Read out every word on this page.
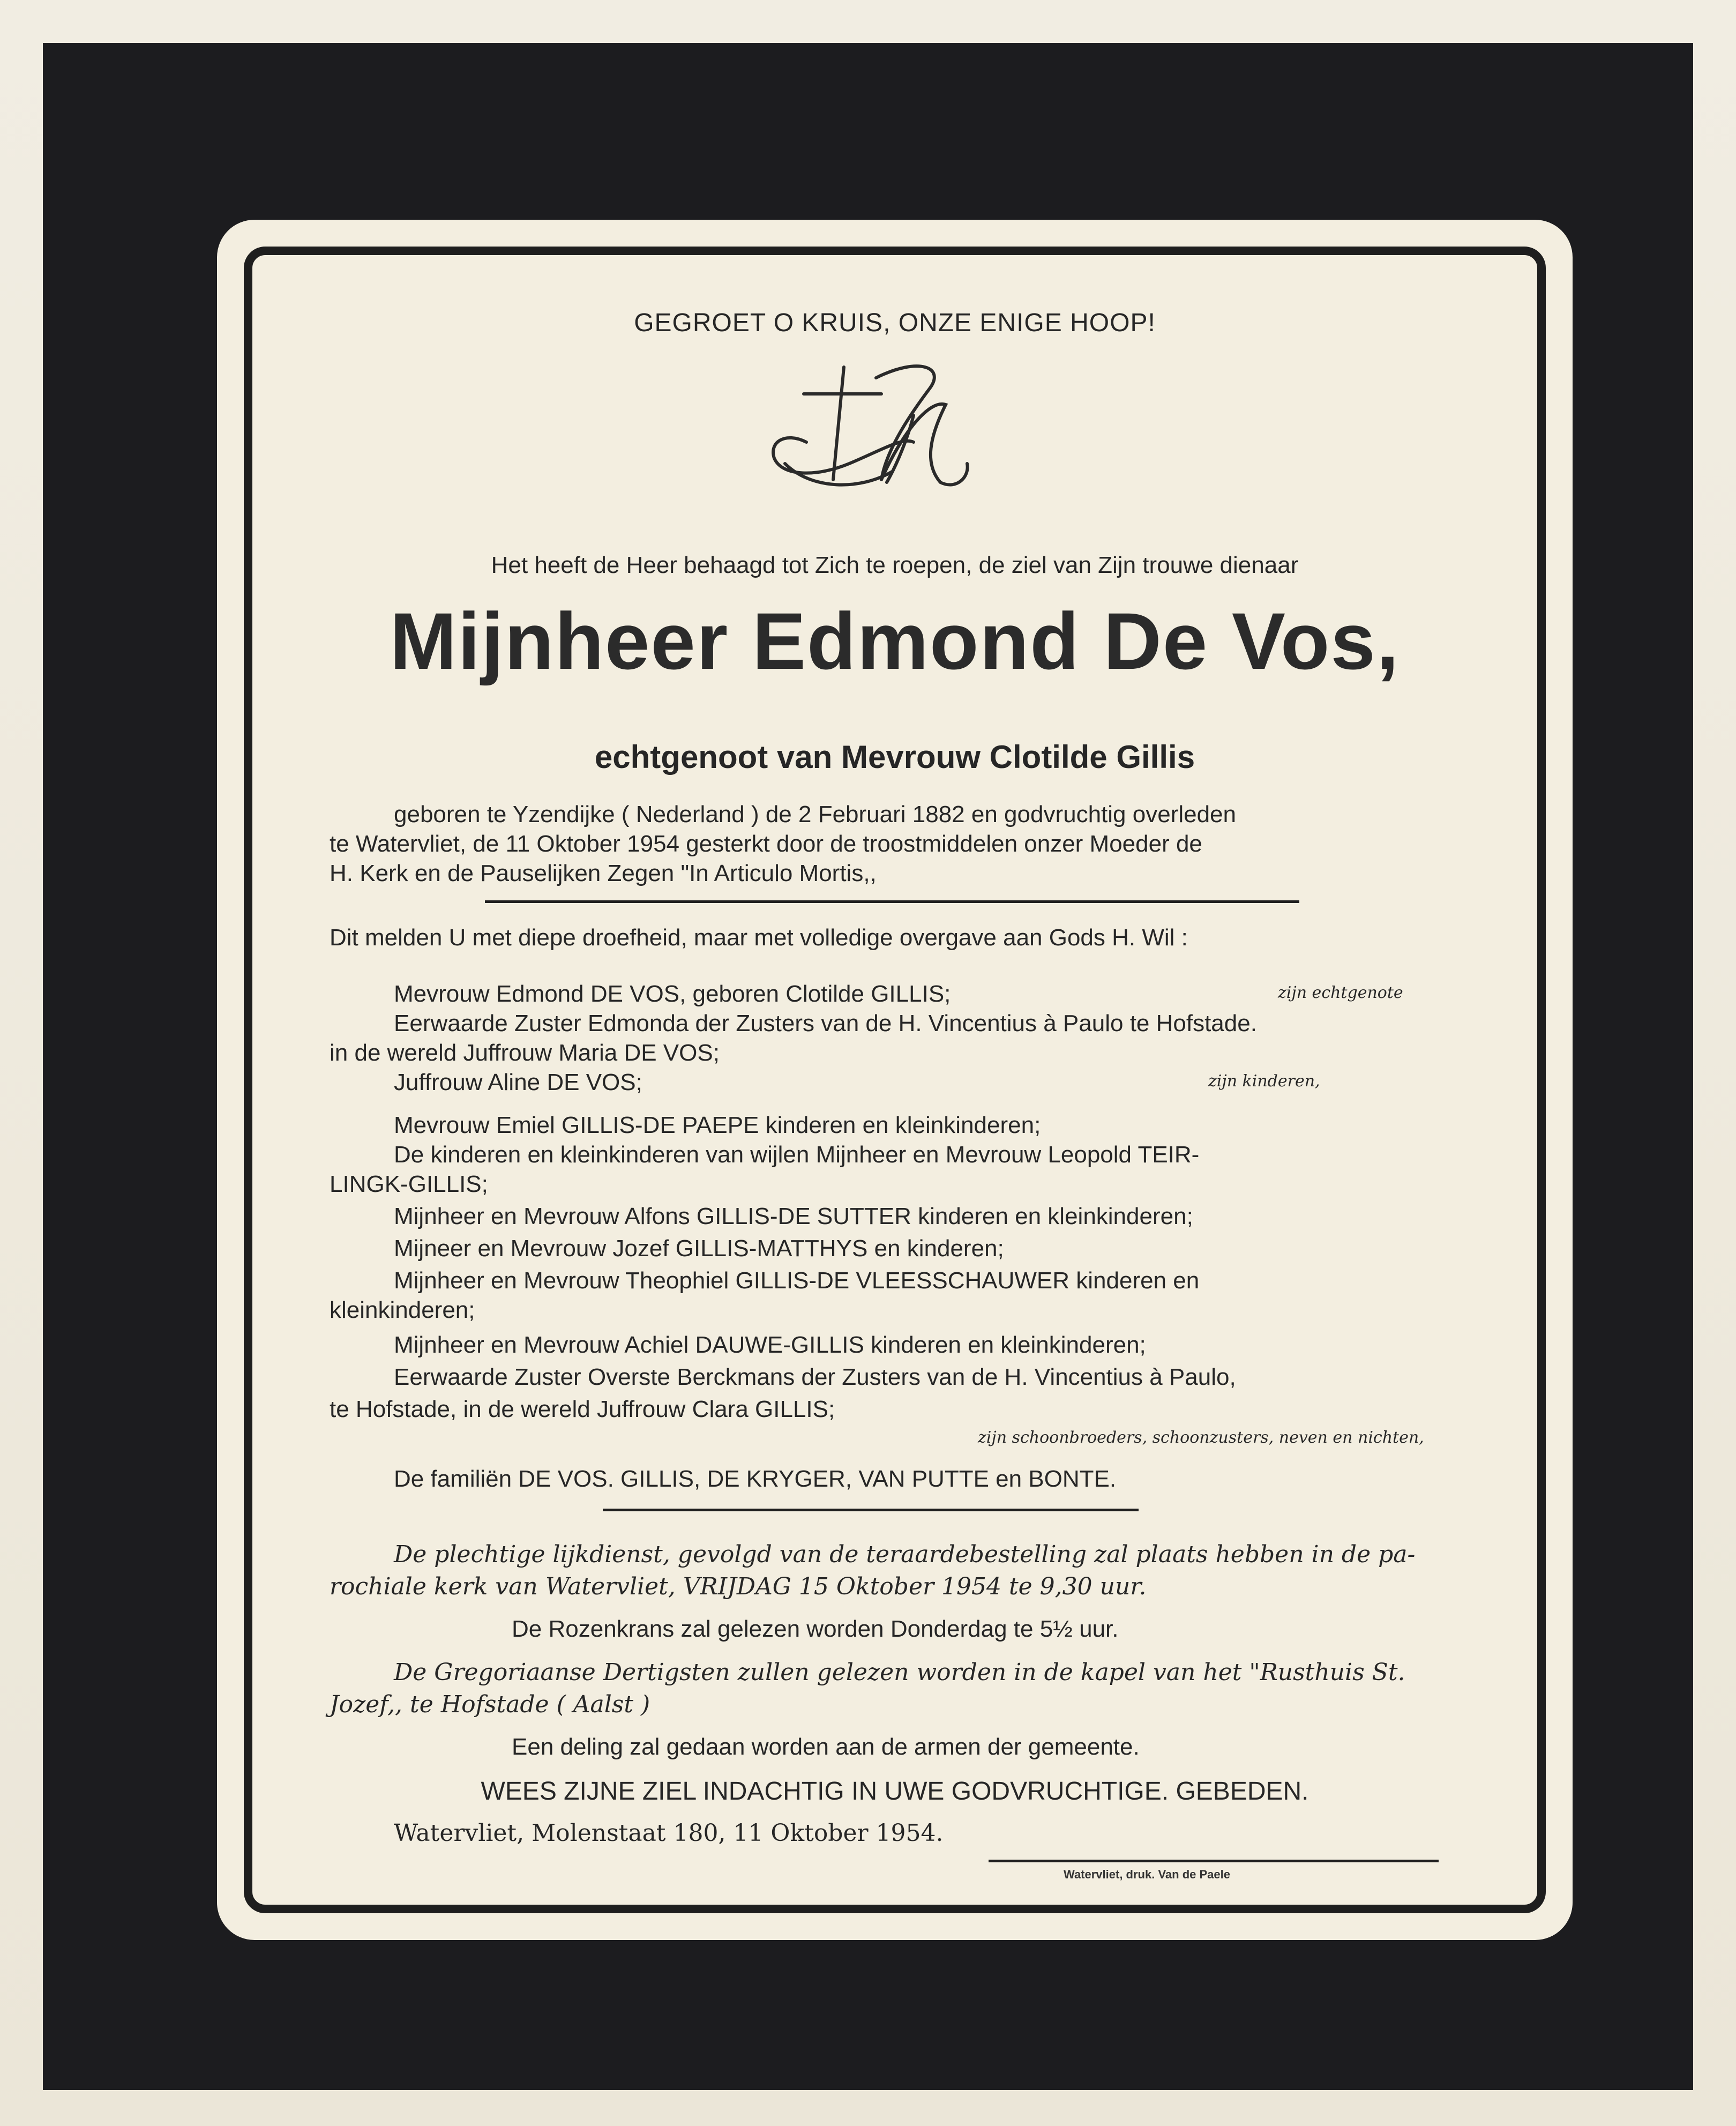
GEGROET O KRUIS, ONZE ENIGE HOOP!
Het heeft de Heer behaagd tot Zich te roepen, de ziel van Zijn trouwe dienaar
Mijnheer Edmond De Vos,
echtgenoot van Mevrouw Clotilde Gillis
geboren te Yzendijke ( Nederland ) de 2 Februari 1882 en godvruchtig overleden
te Watervliet, de 11 Oktober 1954 gesterkt door de troostmiddelen onzer Moeder de
H. Kerk en de Pauselijken Zegen "In Articulo Mortis,,
Dit melden U met diepe droefheid, maar met volledige overgave aan Gods H. Wil :
Mevrouw Edmond DE VOS, geboren Clotilde GILLIS;	zijn echtgenote
Eerwaarde Zuster Edmonda der Zusters van de H. Vincentius à Paulo te Hofstade.
in de wereld Juffrouw Maria DE VOS;
Juffrouw Aline DE VOS;	zijn kinderen,
Mevrouw Emiel GILLIS-DE PAEPE kinderen en kleinkinderen;
De kinderen en kleinkinderen van wijlen Mijnheer en Mevrouw Leopold TEIR-
LINGK-GILLIS;
Mijnheer en Mevrouw Alfons GILLIS-DE SUTTER kinderen en kleinkinderen;
Mijneer en Mevrouw Jozef GILLIS-MATTHYS en kinderen;
Mijnheer en Mevrouw Theophiel GILLIS-DE VLEESSCHAUWER kinderen en
kleinkinderen;
Mijnheer en Mevrouw Achiel DAUWE-GILLIS kinderen en kleinkinderen;
Eerwaarde Zuster Overste Berckmans der Zusters van de H. Vincentius à Paulo,
te Hofstade, in de wereld Juffrouw Clara GILLIS;
zijn schoonbroeders, schoonzusters, neven en nichten,
De familiën DE VOS. GILLIS, DE KRYGER, VAN PUTTE en BONTE.
De plechtige lijkdienst, gevolgd van de teraardebestelling zal plaats hebben in de pa-
rochiale kerk van Watervliet, VRIJDAG 15 Oktober 1954 te 9,30 uur.
De Rozenkrans zal gelezen worden Donderdag te 5½ uur.
De Gregoriaanse Dertigsten zullen gelezen worden in de kapel van het "Rusthuis St.
Jozef,, te Hofstade ( Aalst )
Een deling zal gedaan worden aan de armen der gemeente.
WEES ZIJNE ZIEL INDACHTIG IN UWE GODVRUCHTIGE. GEBEDEN.
Watervliet, Molenstaat 180, 11 Oktober 1954.
Watervliet, druk. Van de Paele
